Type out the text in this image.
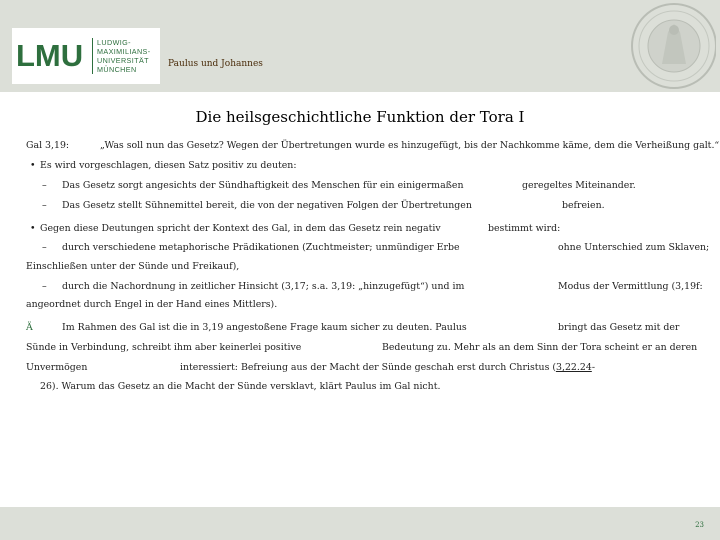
LMU LUDWIG-
MAXIMILIANS-
UNIVERSITÄT
MÜNCHEN
Paulus und Johannes
Die heilsgeschichtliche Funktion der Tora I
Gal 3,19:	„Was soll nun das Gesetz? Wegen der Übertretungen wurde es hinzugefügt, bis der Nachkomme käme, dem die Verheißung galt.“
• Es wird vorgeschlagen, diesen Satz positiv zu deuten:
– Das Gesetz sorgt angesichts der Sündhaftigkeit des Menschen für ein einigermaßen	geregeltes Miteinander.
– Das Gesetz stellt Sühnemittel bereit, die von der negativen Folgen der Übertretungen	befreien.
• Gegen diese Deutungen spricht der Kontext des Gal, in dem das Gesetz rein negativ	bestimmt wird:
– durch verschiedene metaphorische Prädikationen (Zuchtmeister; unmündiger Erbe	ohne Unterschied zum Sklaven;
Einschließen unter der Sünde und Freikauf),
– durch die Nachordnung in zeitlicher Hinsicht (3,17; s.a. 3,19: „hinzugefügt“) und im	Modus der Vermittlung (3,19f:
angeordnet durch Engel in der Hand eines Mittlers).
Ä	Im Rahmen des Gal ist die in 3,19 angestoßene Frage kaum sicher zu deuten. Paulus	bringt das Gesetz mit der
Sünde in Verbindung, schreibt ihm aber keinerlei positive	Bedeutung zu. Mehr als an dem Sinn der Tora scheint er an deren
Unvermögen	interessiert: Befreiung aus der Macht der Sünde geschah erst durch Christus (3,22.24-
26). Warum das Gesetz an die Macht der Sünde versklavt, klärt Paulus im Gal nicht.
23
